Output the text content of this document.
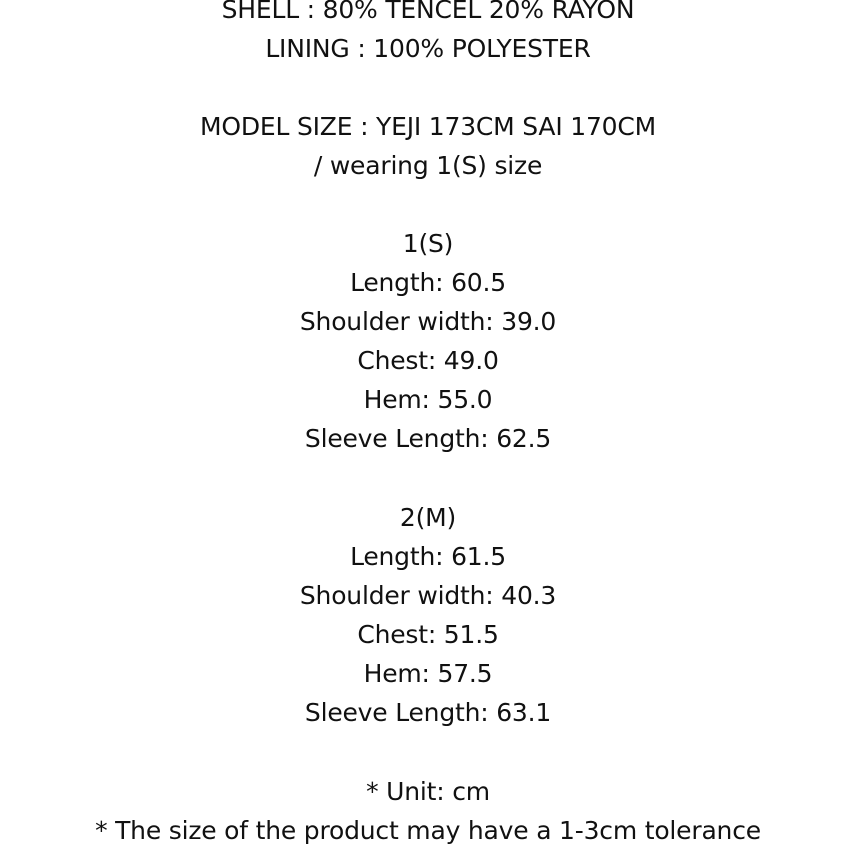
SHELL : 80% TENCEL 20% RAYON
LINING : 100% POLYESTER
MODEL SIZE : YEJI 173CM SAI 170CM
/ wearing 1(S) size
1(S)
Length: 60.5
Shoulder width: 39.0
Chest: 49.0
Hem: 55.0
Sleeve Length: 62.5
2(M)
Length: 61.5
Shoulder width: 40.3
Chest: 51.5
Hem: 57.5
Sleeve Length: 63.1
* Unit: cm
* The size of the product may have a 1-3cm tolerance
